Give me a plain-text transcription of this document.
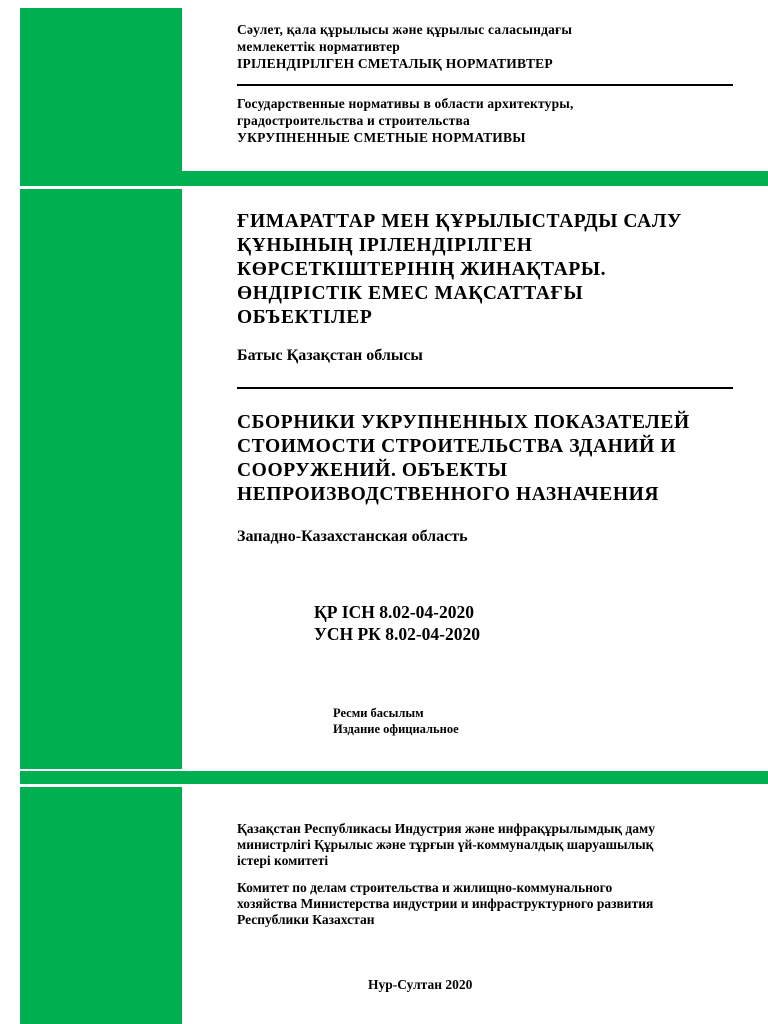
Сәулет, қала құрылысы және құрылыс саласындағы
мемлекеттік нормативтер
ІРІЛЕНДІРІЛГЕН СМЕТАЛЫҚ НОРМАТИВТЕР
Государственные нормативы в области архитектуры,
градостроительства и строительства
УКРУПНЕННЫЕ СМЕТНЫЕ НОРМАТИВЫ
ҒИМАРАТТАР МЕН ҚҰРЫЛЫСТАРДЫ САЛУ
ҚҰНЫНЫҢ ІРІЛЕНДІРІЛГЕН
КӨРСЕТКІШТЕРІНІҢ ЖИНАҚТАРЫ.
ӨНДІРІСТІК ЕМЕС МАҚСАТТАҒЫ
ОБЪЕКТІЛЕР
Батыс Қазақстан облысы
СБОРНИКИ УКРУПНЕННЫХ ПОКАЗАТЕЛЕЙ
СТОИМОСТИ СТРОИТЕЛЬСТВА ЗДАНИЙ И
СООРУЖЕНИЙ. ОБЪЕКТЫ
НЕПРОИЗВОДСТВЕННОГО НАЗНАЧЕНИЯ
Западно-Казахстанская область
ҚР ІСН 8.02-04-2020
УСН РК 8.02-04-2020
Ресми басылым
Издание официальное
Қазақстан Республикасы Индустрия және инфрақұрылымдық даму
министрлігі Құрылыс және тұрғын үй-коммуналдық шаруашылық
істері комитеті
Комитет по делам строительства и жилищно-коммунального
хозяйства Министерства индустрии и инфраструктурного развития
Республики Казахстан
Нур-Султан 2020
